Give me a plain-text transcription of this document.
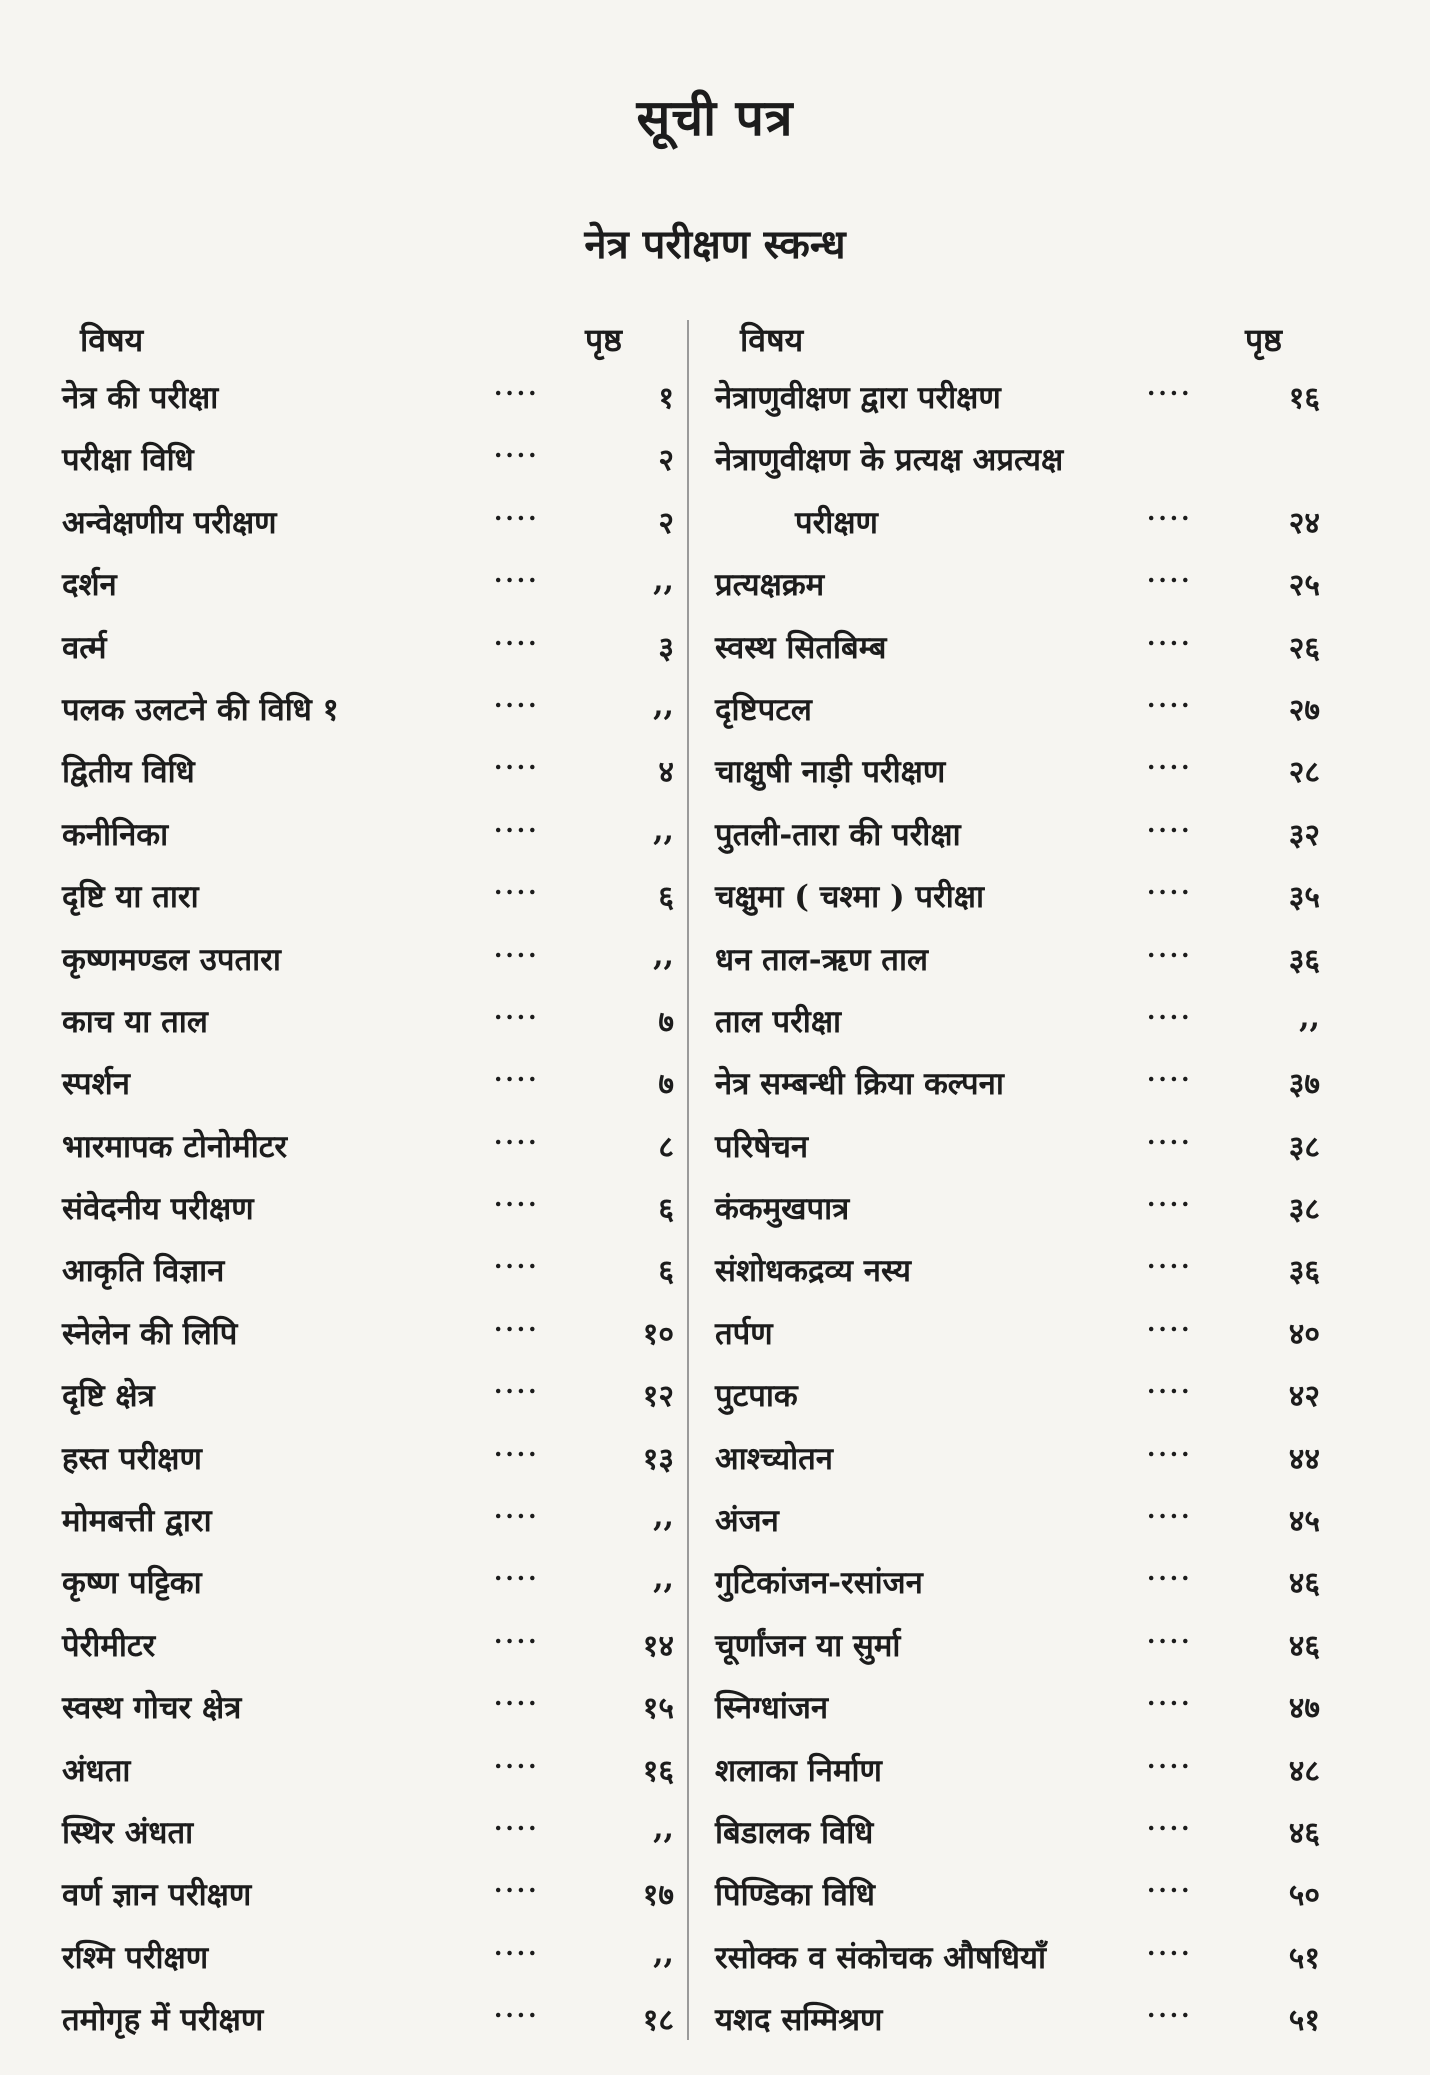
सूची पत्र
नेत्र परीक्षण स्कन्ध
विषय	पृष्ठ	विषय	पृष्ठ
नेत्र की परीक्षा	....	१
परीक्षा विधि	....	२
अन्वेक्षणीय परीक्षण	....	२
दर्शन	....	,,
वर्त्म	....	३
पलक उलटने की विधि १	....	,,
द्वितीय विधि	....	४
कनीनिका	....	,,
दृष्टि या तारा	....	६
कृष्णमण्डल उपतारा	....	,,
काच या ताल	....	७
स्पर्शन	....	७
भारमापक टोनोमीटर	....	८
संवेदनीय परीक्षण	....	६
आकृति विज्ञान	....	६
स्नेलेन की लिपि	....	१०
दृष्टि क्षेत्र	....	१२
हस्त परीक्षण	....	१३
मोमबत्ती द्वारा	....	,,
कृष्ण पट्टिका	....	,,
पेरीमीटर	....	१४
स्वस्थ गोचर क्षेत्र	....	१५
अंधता	....	१६
स्थिर अंधता	....	,,
वर्ण ज्ञान परीक्षण	....	१७
रश्मि परीक्षण	....	,,
तमोगृह में परीक्षण	....	१८
नेत्राणुवीक्षण द्वारा परीक्षण	....	१६
नेत्राणुवीक्षण के प्रत्यक्ष अप्रत्यक्ष
परीक्षण	....	२४
प्रत्यक्षक्रम	....	२५
स्वस्थ सितबिम्ब	....	२६
दृष्टिपटल	....	२७
चाक्षुषी नाड़ी परीक्षण	....	२८
पुतली-तारा की परीक्षा	....	३२
चक्षुमा ( चश्मा ) परीक्षा	....	३५
धन ताल-ऋण ताल	....	३६
ताल परीक्षा	....	,,
नेत्र सम्बन्धी क्रिया कल्पना	....	३७
परिषेचन	....	३८
कंकमुखपात्र	....	३८
संशोधकद्रव्य नस्य	....	३६
तर्पण	....	४०
पुटपाक	....	४२
आश्च्योतन	....	४४
अंजन	....	४५
गुटिकांजन-रसांजन	....	४६
चूर्णांजन या सुर्मा	....	४६
स्निग्धांजन	....	४७
शलाका निर्माण	....	४८
बिडालक विधि	....	४६
पिण्डिका विधि	....	५०
रसोक्क व संकोचक औषधियाँ	....	५१
यशद सम्मिश्रण	....	५१
